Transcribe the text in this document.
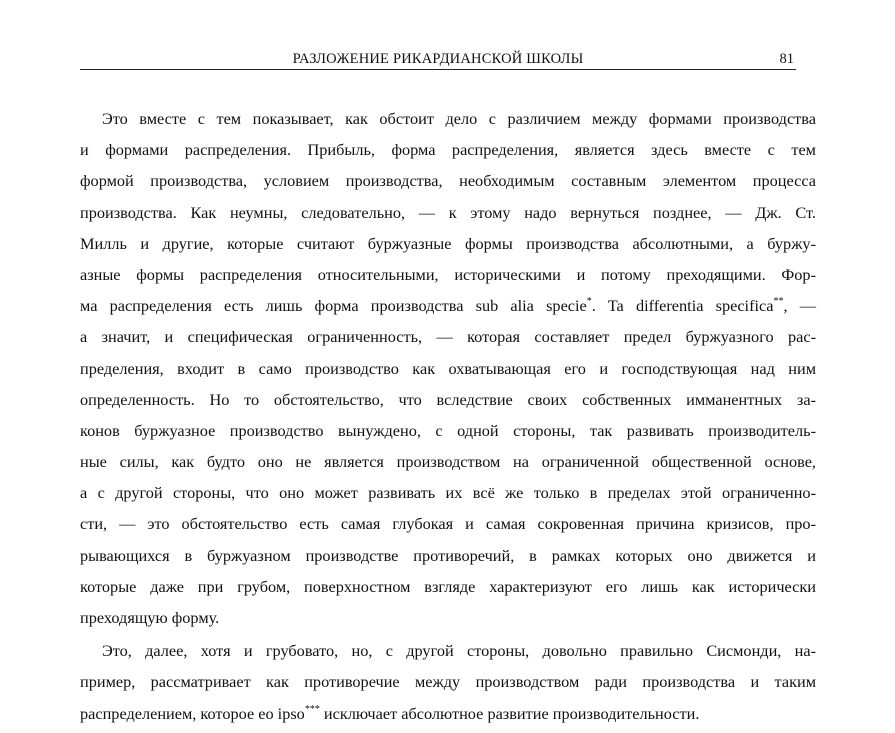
РАЗЛОЖЕНИЕ РИКАРДИАНСКОЙ ШКОЛЫ	81
Это вместе с тем показывает, как обстоит дело с различием между формами производства
и формами распределения. Прибыль, форма распределения, является здесь вместе с тем
формой производства, условием производства, необходимым составным элементом процесса
производства. Как неумны, следовательно, — к этому надо вернуться позднее, — Дж. Ст.
Милль и другие, которые считают буржуазные формы производства абсолютными, а буржу-
азные формы распределения относительными, историческими и потому преходящими. Фор-
ма распределения есть лишь форма производства sub alia specie*. Ta differentia specifica**, —
а значит, и специфическая ограниченность, — которая составляет предел буржуазного рас-
пределения, входит в само производство как охватывающая его и господствующая над ним
определенность. Но то обстоятельство, что вследствие своих собственных имманентных за-
конов буржуазное производство вынуждено, с одной стороны, так развивать производитель-
ные силы, как будто оно не является производством на ограниченной общественной основе,
а с другой стороны, что оно может развивать их всё же только в пределах этой ограниченно-
сти, — это обстоятельство есть самая глубокая и самая сокровенная причина кризисов, про-
рывающихся в буржуазном производстве противоречий, в рамках которых оно движется и
которые даже при грубом, поверхностном взгляде характеризуют его лишь как исторически
преходящую форму.
Это, далее, хотя и грубовато, но, с другой стороны, довольно правильно Сисмонди, на-
пример, рассматривает как противоречие между производством ради производства и таким
распределением, которое eo ipso*** исключает абсолютное развитие производительности.
